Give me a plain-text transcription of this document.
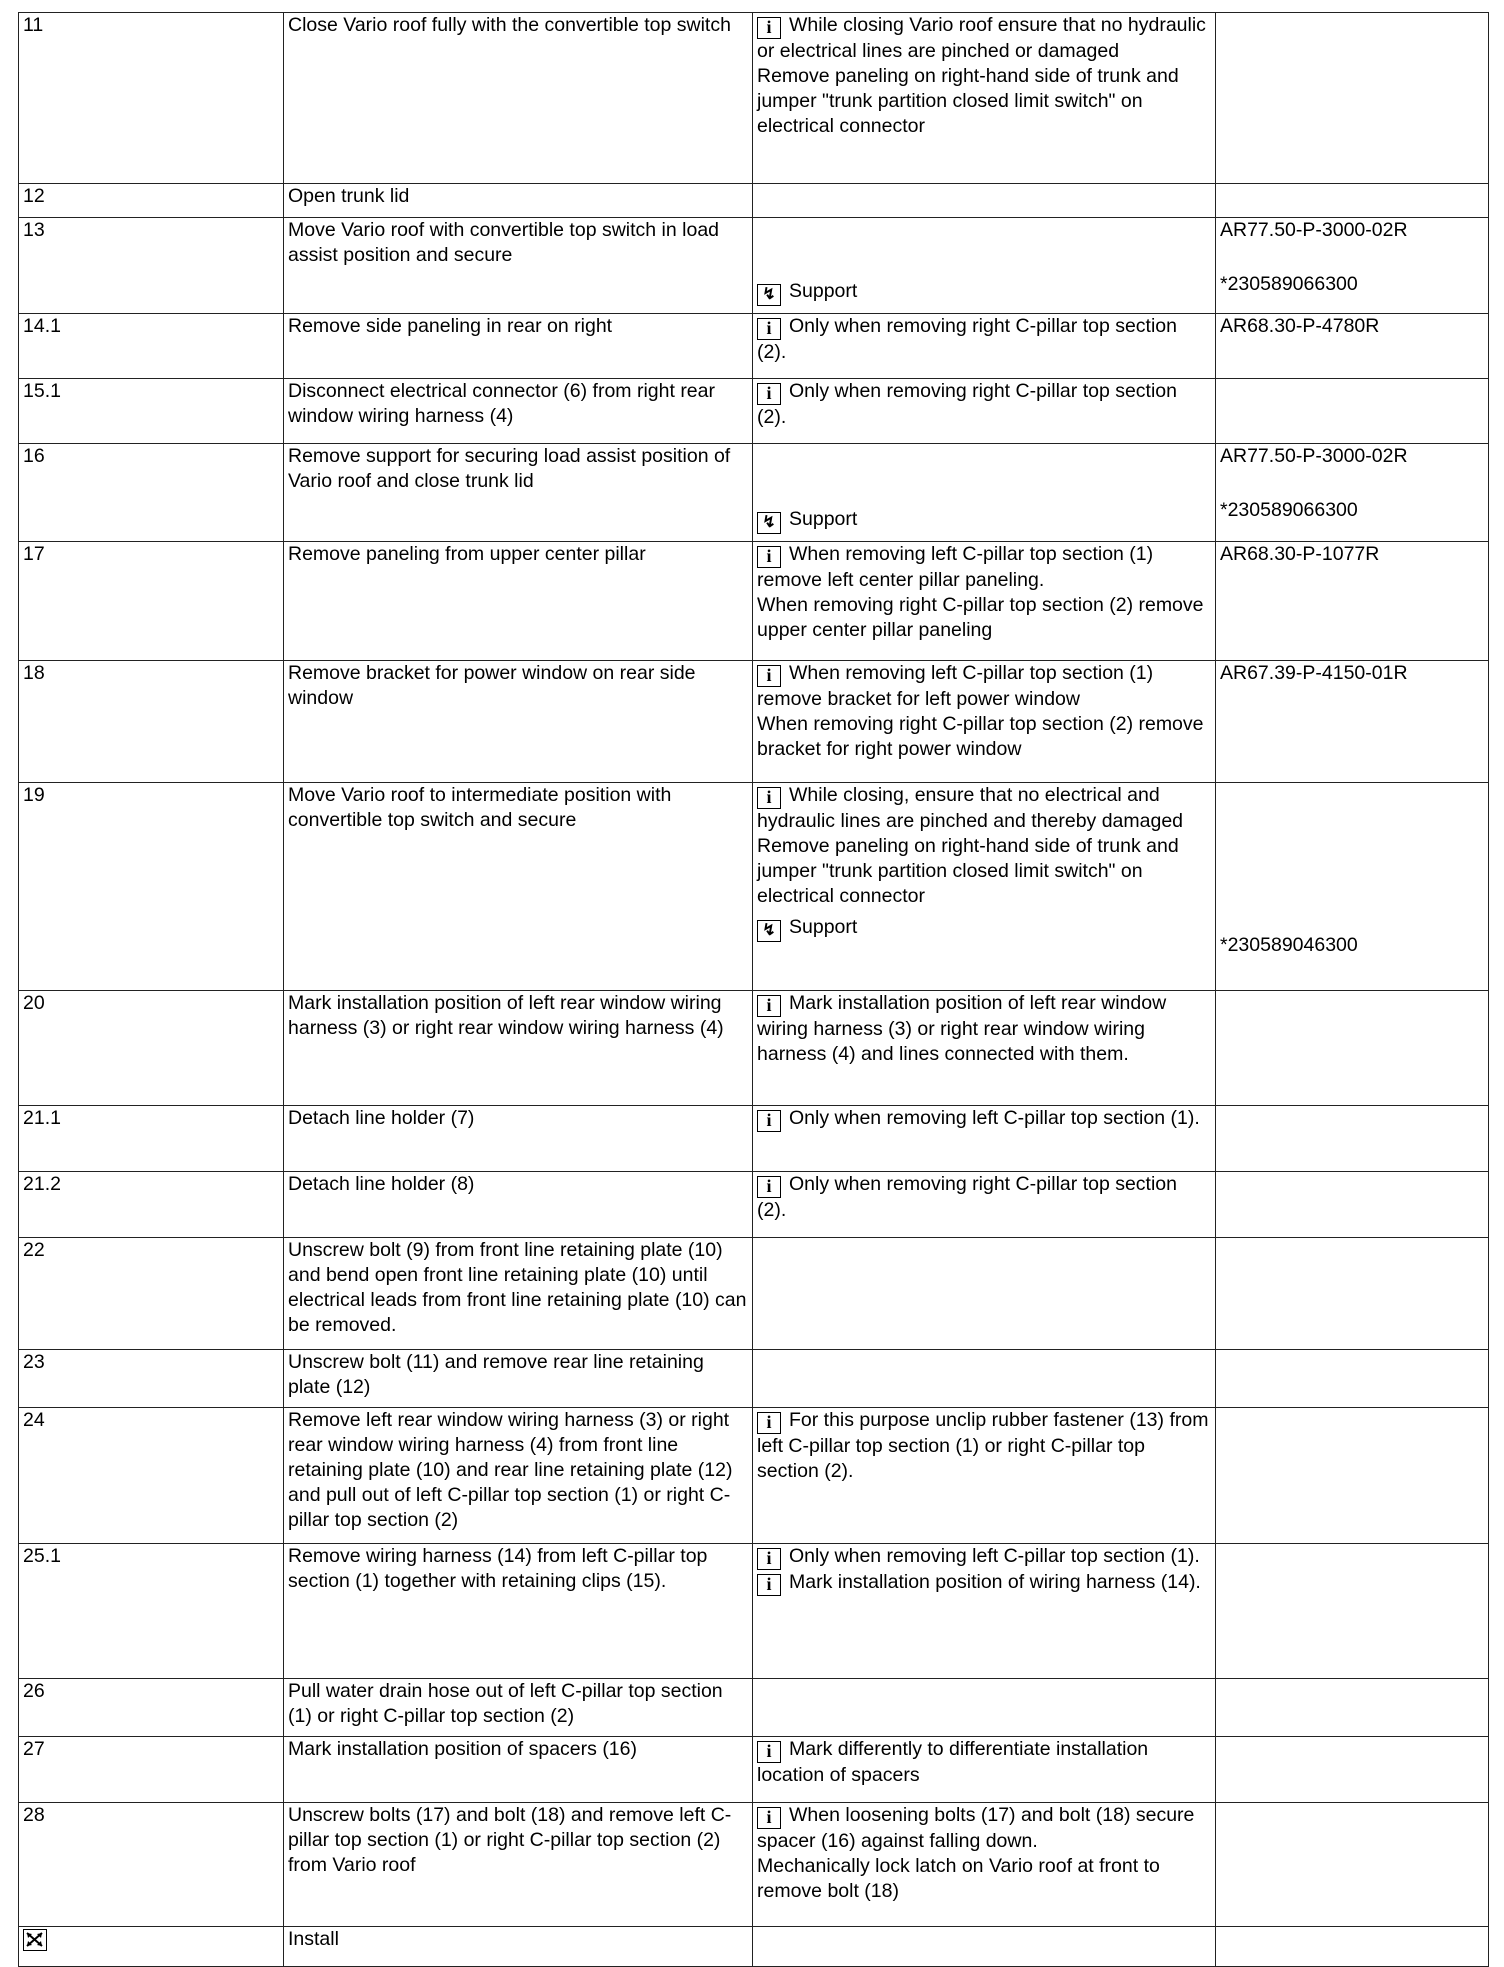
11	Close Vario roof fully with the convertible top switch	i While closing Vario roof ensure that no hydraulic or electrical lines are pinched or damaged

Remove paneling on right-hand side of trunk and jumper "trunk partition closed limit switch" on electrical connector	

12	Open trunk lid		
13	Move Vario roof with convertible top switch in load assist position and secure	↯ Support	AR77.50-P-3000-02R

*230589066300

14.1	Remove side paneling in rear on right	i Only when removing right C-pillar top section (2).	AR68.30-P-4780R
15.1	Disconnect electrical connector (6) from right rear window wiring harness (4)	i Only when removing right C-pillar top section (2).	

16	Remove support for securing load assist position of Vario roof and close trunk lid	↯ Support	AR77.50-P-3000-02R

*230589066300

17	Remove paneling from upper center pillar	i When removing left C-pillar top section (1) remove left center pillar paneling.

When removing right C-pillar top section (2) remove upper center pillar paneling	AR68.30-P-1077R
18	Remove bracket for power window on rear side window	i When removing left C-pillar top section (1) remove bracket for left power window

When removing right C-pillar top section (2) remove bracket for right power window	AR67.39-P-4150-01R
19	Move Vario roof to intermediate position with convertible top switch and secure	i While closing, ensure that no electrical and hydraulic lines are pinched and thereby damaged

Remove paneling on right-hand side of trunk and jumper "trunk partition closed limit switch" on electrical connector

↯ Support	*230589046300

20	Mark installation position of left rear window wiring harness (3) or right rear window wiring harness (4)	i Mark installation position of left rear window wiring harness (3) or right rear window wiring harness (4) and lines connected with them.	

21.1	Detach line holder (7)	i Only when removing left C-pillar top section (1).	

21.2	Detach line holder (8)	i Only when removing right C-pillar top section (2).	

22	Unscrew bolt (9) from front line retaining plate (10) and bend open front line retaining plate (10) until electrical leads from front line retaining plate (10) can be removed.		
23	Unscrew bolt (11) and remove rear line retaining plate (12)		
24	Remove left rear window wiring harness (3) or right rear window wiring harness (4) from front line retaining plate (10) and rear line retaining plate (12) and pull out of left C-pillar top section (1) or right C-pillar top section (2)	i For this purpose unclip rubber fastener (13) from left C-pillar top section (1) or right C-pillar top section (2).	

25.1	Remove wiring harness (14) from left C-pillar top section (1) together with retaining clips (15).	i Only when removing left C-pillar top section (1).

i Mark installation position of wiring harness (14).	

26	Pull water drain hose out of left C-pillar top section (1) or right C-pillar top section (2)		
27	Mark installation position of spacers (16)	i Mark differently to differentiate installation location of spacers	

28	Unscrew bolts (17) and bolt (18) and remove left C-pillar top section (1) or right C-pillar top section (2) from Vario roof	i When loosening bolts (17) and bolt (18) secure spacer (16) against falling down.

Mechanically lock latch on Vario roof at front to remove bolt (18)	

	Install		
